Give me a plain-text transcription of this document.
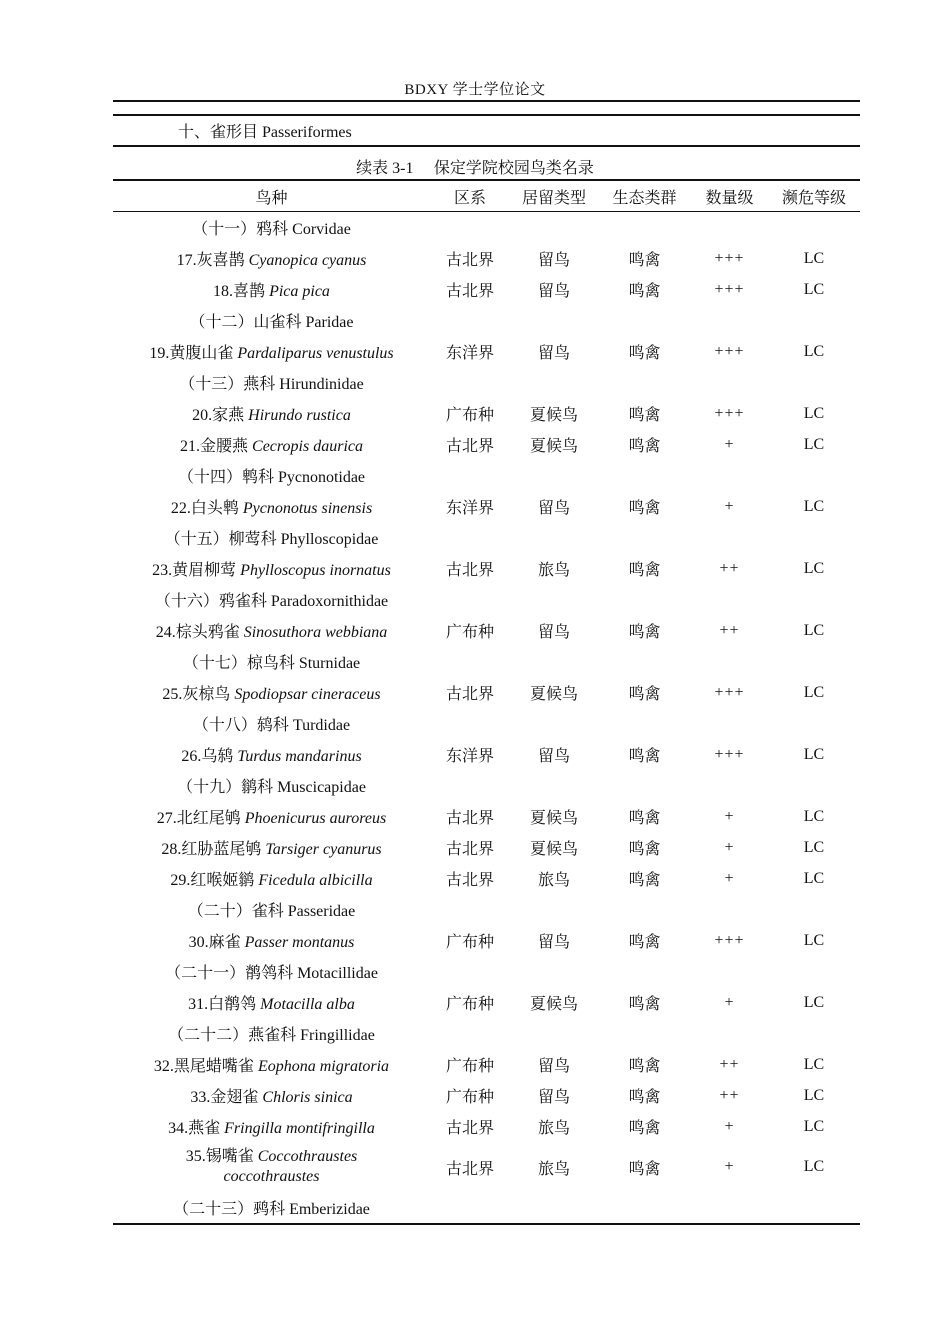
BDXY 学士学位论文
十、雀形目 Passeriformes
续表 3-1 保定学院校园鸟类名录
鸟种	区系	居留类型	生态类群	数量级	濒危等级
（十一）鸦科 Corvidae					
17.灰喜鹊 Cyanopica cyanus	古北界	留鸟	鸣禽	+++	LC
18.喜鹊 Pica pica	古北界	留鸟	鸣禽	+++	LC
（十二）山雀科 Paridae					
19.黄腹山雀 Pardaliparus venustulus	东洋界	留鸟	鸣禽	+++	LC
（十三）燕科 Hirundinidae					
20.家燕 Hirundo rustica	广布种	夏候鸟	鸣禽	+++	LC
21.金腰燕 Cecropis daurica	古北界	夏候鸟	鸣禽	+	LC
（十四）鹎科 Pycnonotidae					
22.白头鹎 Pycnonotus sinensis	东洋界	留鸟	鸣禽	+	LC
（十五）柳莺科 Phylloscopidae					
23.黄眉柳莺 Phylloscopus inornatus	古北界	旅鸟	鸣禽	++	LC
（十六）鸦雀科 Paradoxornithidae					
24.棕头鸦雀 Sinosuthora webbiana	广布种	留鸟	鸣禽	++	LC
（十七）椋鸟科 Sturnidae					
25.灰椋鸟 Spodiopsar cineraceus	古北界	夏候鸟	鸣禽	+++	LC
（十八）鸫科 Turdidae					
26.乌鸫 Turdus mandarinus	东洋界	留鸟	鸣禽	+++	LC
（十九）鹟科 Muscicapidae					
27.北红尾鸲 Phoenicurus auroreus	古北界	夏候鸟	鸣禽	+	LC
28.红胁蓝尾鸲 Tarsiger cyanurus	古北界	夏候鸟	鸣禽	+	LC
29.红喉姬鹟 Ficedula albicilla	古北界	旅鸟	鸣禽	+	LC
（二十）雀科 Passeridae					
30.麻雀 Passer montanus	广布种	留鸟	鸣禽	+++	LC
（二十一）鹡鸰科 Motacillidae					
31.白鹡鸰 Motacilla alba	广布种	夏候鸟	鸣禽	+	LC
（二十二）燕雀科 Fringillidae					
32.黑尾蜡嘴雀 Eophona migratoria	广布种	留鸟	鸣禽	++	LC
33.金翅雀 Chloris sinica	广布种	留鸟	鸣禽	++	LC
34.燕雀 Fringilla montifringilla	古北界	旅鸟	鸣禽	+	LC
35.锡嘴雀 Coccothraustes coccothraustes	古北界	旅鸟	鸣禽	+	LC
（二十三）鹀科 Emberizidae					
